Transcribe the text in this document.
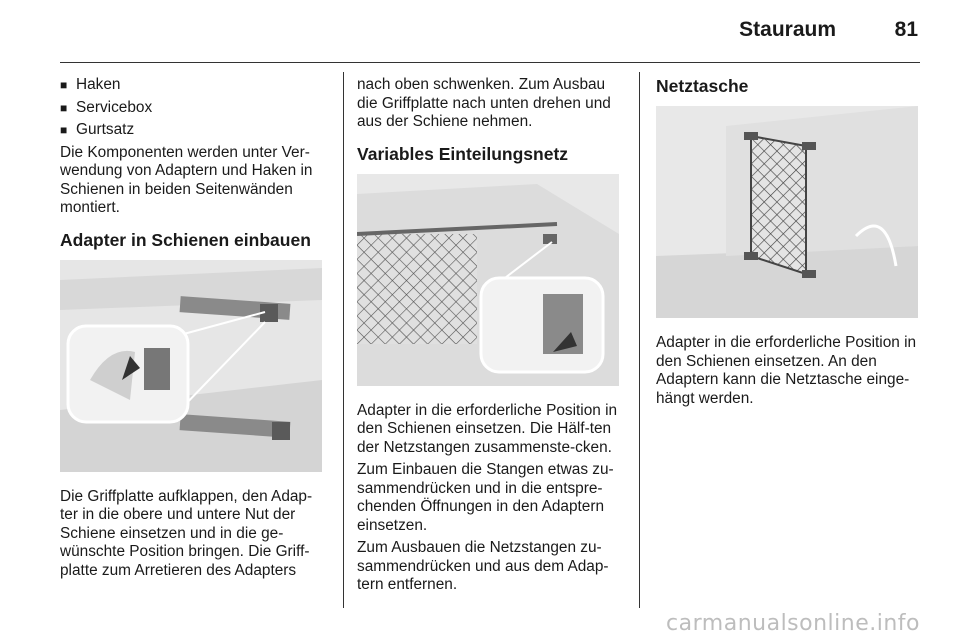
Stauraum	81
■ Haken
■ Servicebox
■ Gurtsatz

Die Komponenten werden unter Ver-wendung von Adaptern und Haken in Schienen in beiden Seitenwänden montiert.

Adapter in Schienen einbauen

Die Griffplatte aufklappen, den Adap-ter in die obere und untere Nut der Schiene einsetzen und in die ge-wünschte Position bringen. Die Griff-platte zum Arretieren des Adapters

nach oben schwenken. Zum Ausbau die Griffplatte nach unten drehen und aus der Schiene nehmen.

Variables Einteilungsnetz

Adapter in die erforderliche Position in den Schienen einsetzen. Die Hälf-ten der Netzstangen zusammenste-cken.

Zum Einbauen die Stangen etwas zu-sammendrücken und in die entspre-chenden Öffnungen in den Adaptern einsetzen.

Zum Ausbauen die Netzstangen zu-sammendrücken und aus dem Adap-tern entfernen.

Netztasche

Adapter in die erforderliche Position in den Schienen einsetzen. An den Adaptern kann die Netztasche einge-hängt werden.

carmanualsonline.info
